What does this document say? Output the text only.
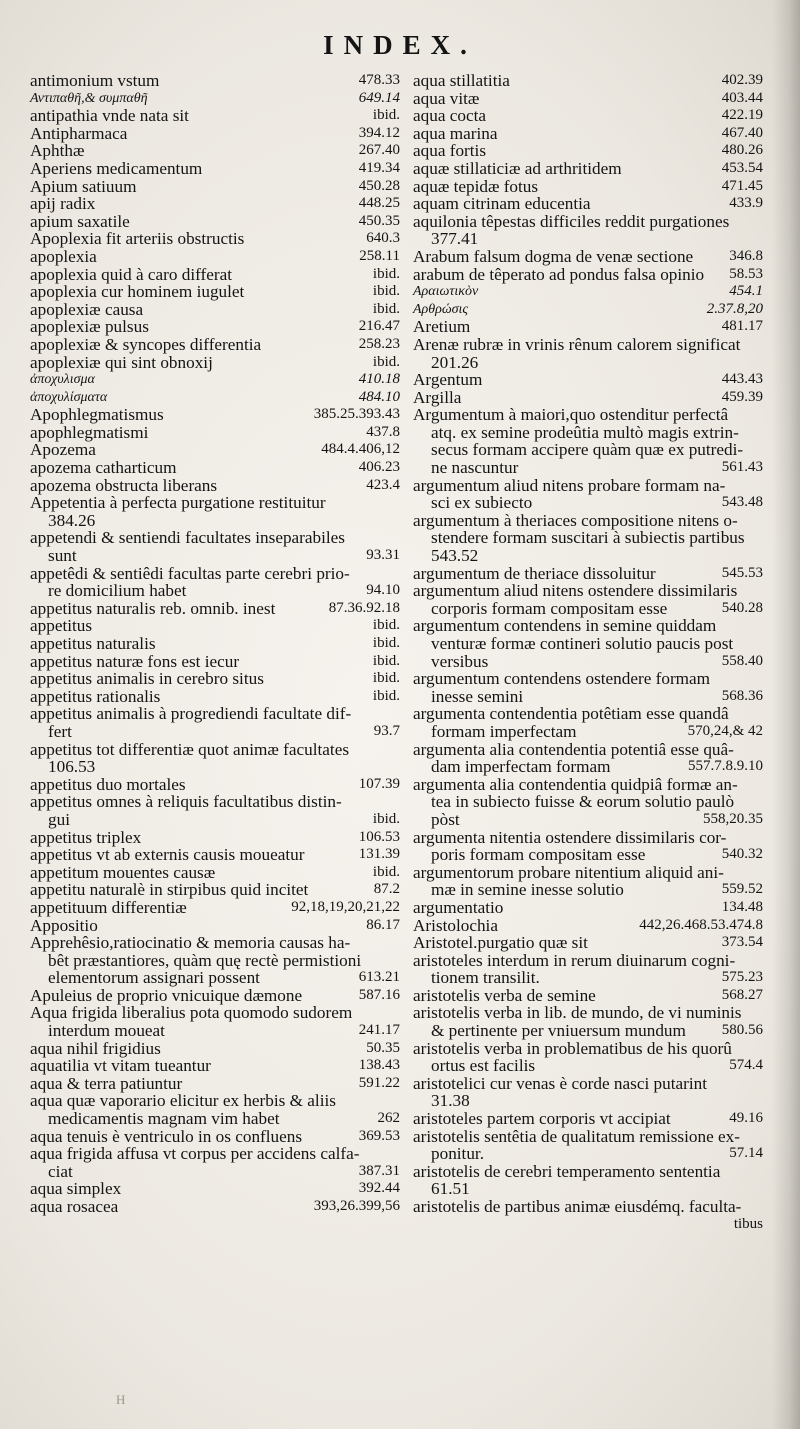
INDEX.
478.33
antimonium vstum
649.14
Αντιπαθῆ,& συμπαθῆ
ibid.
antipathia vnde nata sit
394.12
Antipharmaca
267.40
Aphthæ
419.34
Aperiens medicamentum
450.28
Apium satiuum
448.25
apij radix
450.35
apium saxatile
640.3
Apoplexia fit arteriis obstructis
258.11
apoplexia
ibid.
apoplexia quid à caro differat
ibid.
apoplexia cur hominem iugulet
ibid.
apoplexiæ causa
216.47
apoplexiæ pulsus
258.23
apoplexiæ & syncopes differentia
ibid.
apoplexiæ qui sint obnoxij
410.18
ἀποχυλισμα
484.10
ἀποχυλίσματα
385.25.393.43
Apophlegmatismus
437.8
apophlegmatismi
484.4.406,12
Apozema
406.23
apozema catharticum
423.4
apozema obstructa liberans
Appetentia à perfecta purgatione restituitur
384.26
appetendi & sentiendi facultates inseparabiles
93.31
sunt
appetêdi & sentiêdi facultas parte cerebri prio-
94.10
re domicilium habet
87.36.92.18
appetitus naturalis reb. omnib. inest
ibid.
appetitus
ibid.
appetitus naturalis
ibid.
appetitus naturæ fons est iecur
ibid.
appetitus animalis in cerebro situs
ibid.
appetitus rationalis
appetitus animalis à progrediendi facultate dif-
93.7
fert
appetitus tot differentiæ quot animæ facultates
106.53
107.39
appetitus duo mortales
appetitus omnes à reliquis facultatibus distin-
ibid.
gui
106.53
appetitus triplex
131.39
appetitus vt ab externis causis moueatur
ibid.
appetitum mouentes causæ
87.2
appetitu naturalè in stirpibus quid incitet
92,18,19,20,21,22
appetituum differentiæ
86.17
Appositio
Apprehêsio,ratiocinatio & memoria causas ha-
bêt præstantiores, quàm quę rectè permistioni
613.21
elementorum assignari possent
587.16
Apuleius de proprio vnicuique dæmone
Aqua frigida liberalius pota quomodo sudorem
241.17
interdum moueat
50.35
aqua nihil frigidius
138.43
aquatilia vt vitam tueantur
591.22
aqua & terra patiuntur
aqua quæ vaporario elicitur ex herbis & aliis
262
medicamentis magnam vim habet
369.53
aqua tenuis è ventriculo in os confluens
aqua frigida affusa vt corpus per accidens calfa-
387.31
ciat
392.44
aqua simplex
393,26.399,56
aqua rosacea
402.39
aqua stillatitia
403.44
aqua vitæ
422.19
aqua cocta
467.40
aqua marina
480.26
aqua fortis
453.54
aquæ stillaticiæ ad arthritidem
471.45
aquæ tepidæ fotus
433.9
aquam citrinam educentia
aquilonia têpestas difficiles reddit purgationes
377.41
346.8
Arabum falsum dogma de venæ sectione
58.53
arabum de têperato ad pondus falsa opinio
454.1
Αραιωτικὸν
2.37.8,20
Αρθρώσις
481.17
Aretium
Arenæ rubræ in vrinis rênum calorem significat
201.26
443.43
Argentum
459.39
Argilla
Argumentum à maiori,quo ostenditur perfectâ
atq. ex semine prodeûtia multò magis extrin-
secus formam accipere quàm quæ ex putredi-
561.43
ne nascuntur
argumentum aliud nitens probare formam na-
543.48
sci ex subiecto
argumentum à theriaces compositione nitens o-
stendere formam suscitari à subiectis partibus
543.52
545.53
argumentum de theriace dissoluitur
argumentum aliud nitens ostendere dissimilaris
540.28
corporis formam compositam esse
argumentum contendens in semine quiddam
venturæ formæ contineri solutio paucis post
558.40
versibus
argumentum contendens ostendere formam
568.36
inesse semini
argumenta contendentia potêtiam esse quandâ
570,24,& 42
formam imperfectam
argumenta alia contendentia potentiâ esse quâ-
557.7.8.9.10
dam imperfectam formam
argumenta alia contendentia quidpiâ formæ an-
tea in subiecto fuisse & eorum solutio paulò
558,20.35
pòst
argumenta nitentia ostendere dissimilaris cor-
540.32
poris formam compositam esse
argumentorum probare nitentium aliquid ani-
559.52
mæ in semine inesse solutio
134.48
argumentatio
442,26.468.53.474.8
Aristolochia
373.54
Aristotel.purgatio quæ sit
aristoteles interdum in rerum diuinarum cogni-
575.23
tionem transilit.
568.27
aristotelis verba de semine
aristotelis verba in lib. de mundo, de vi numinis
580.56
& pertinente per vniuersum mundum
aristotelis verba in problematibus de his quorû
574.4
ortus est facilis
aristotelici cur venas è corde nasci putarint
31.38
49.16
aristoteles partem corporis vt accipiat
aristotelis sentêtia de qualitatum remissione ex-
57.14
ponitur.
aristotelis de cerebri temperamento sententia
61.51
aristotelis de partibus animæ eiusdémq. faculta-
tibus
H
